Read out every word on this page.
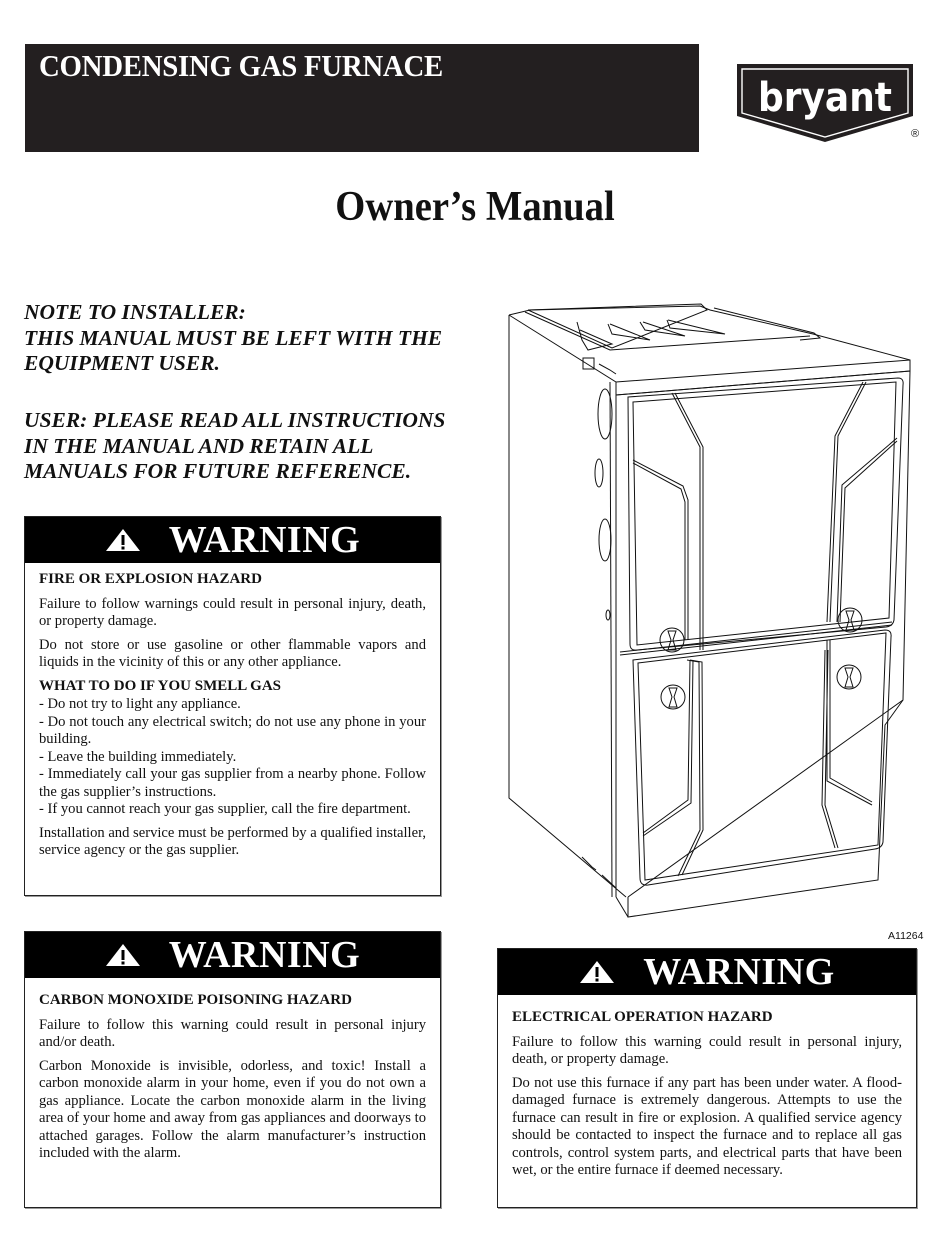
CONDENSING GAS FURNACE
bryant
®
Owner’s Manual
NOTE TO INSTALLER:
THIS MANUAL MUST BE LEFT WITH THE
EQUIPMENT USER.
USER: PLEASE READ ALL INSTRUCTIONS
IN THE MANUAL AND RETAIN ALL
MANUALS FOR FUTURE REFERENCE.
WARNING
FIRE OR EXPLOSION HAZARD

Failure to follow warnings could result in personal injury, death, or property damage.

Do not store or use gasoline or other flammable vapors and liquids in the vicinity of this or any other appliance.

WHAT TO DO IF YOU SMELL GAS

- Do not try to light any appliance.

- Do not touch any electrical switch; do not use any phone in your building.

- Leave the building immediately.

- Immediately call your gas supplier from a nearby phone. Follow the gas supplier’s instructions.

- If you cannot reach your gas supplier, call the fire department.

Installation and service must be performed by a qualified installer, service agency or the gas supplier.

WARNING
CARBON MONOXIDE POISONING HAZARD

Failure to follow this warning could result in personal injury and/or death.

Carbon Monoxide is invisible, odorless, and toxic! Install a carbon monoxide alarm in your home, even if you do not own a gas appliance. Locate the carbon monoxide alarm in the living area of your home and away from gas appliances and doorways to attached garages. Follow the alarm manufacturer’s instruction included with the alarm.

A11264
WARNING
ELECTRICAL OPERATION HAZARD

Failure to follow this warning could result in personal injury, death, or property damage.

Do not use this furnace if any part has been under water. A flood-damaged furnace is extremely dangerous. Attempts to use the furnace can result in fire or explosion. A qualified service agency should be contacted to inspect the furnace and to replace all gas controls, control system parts, and electrical parts that have been wet, or the entire furnace if deemed necessary.
